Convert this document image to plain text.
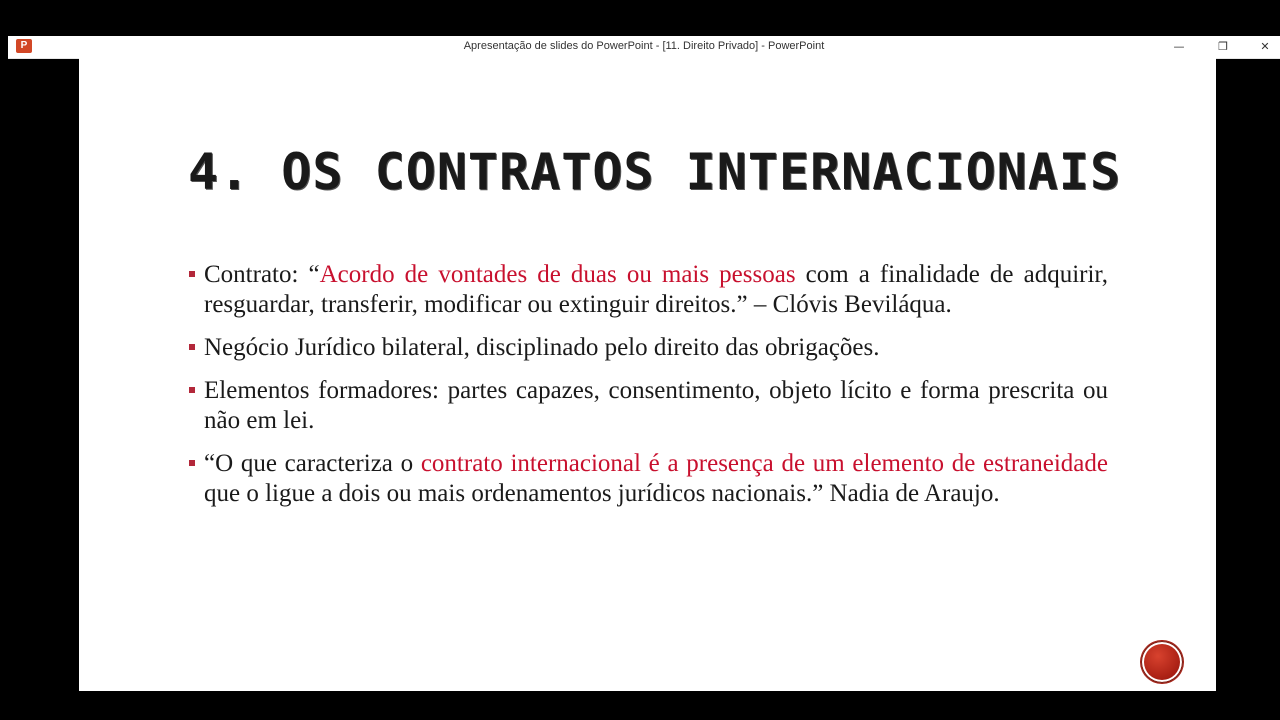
P	Apresentação de slides do PowerPoint - [11. Direito Privado] - PowerPoint	—	❐	✕
4. OS CONTRATOS INTERNACIONAIS
Contrato: “Acordo de vontades de duas ou mais pessoas com a finalidade de adquirir, resguardar, transferir, modificar ou extinguir direitos.” – Clóvis Beviláqua.
Negócio Jurídico bilateral, disciplinado pelo direito das obrigações.
Elementos formadores: partes capazes, consentimento, objeto lícito e forma prescrita ou não em lei.
“O que caracteriza o contrato internacional é a presença de um elemento de estraneidade que o ligue a dois ou mais ordenamentos jurídicos nacionais.” Nadia de Araujo.
